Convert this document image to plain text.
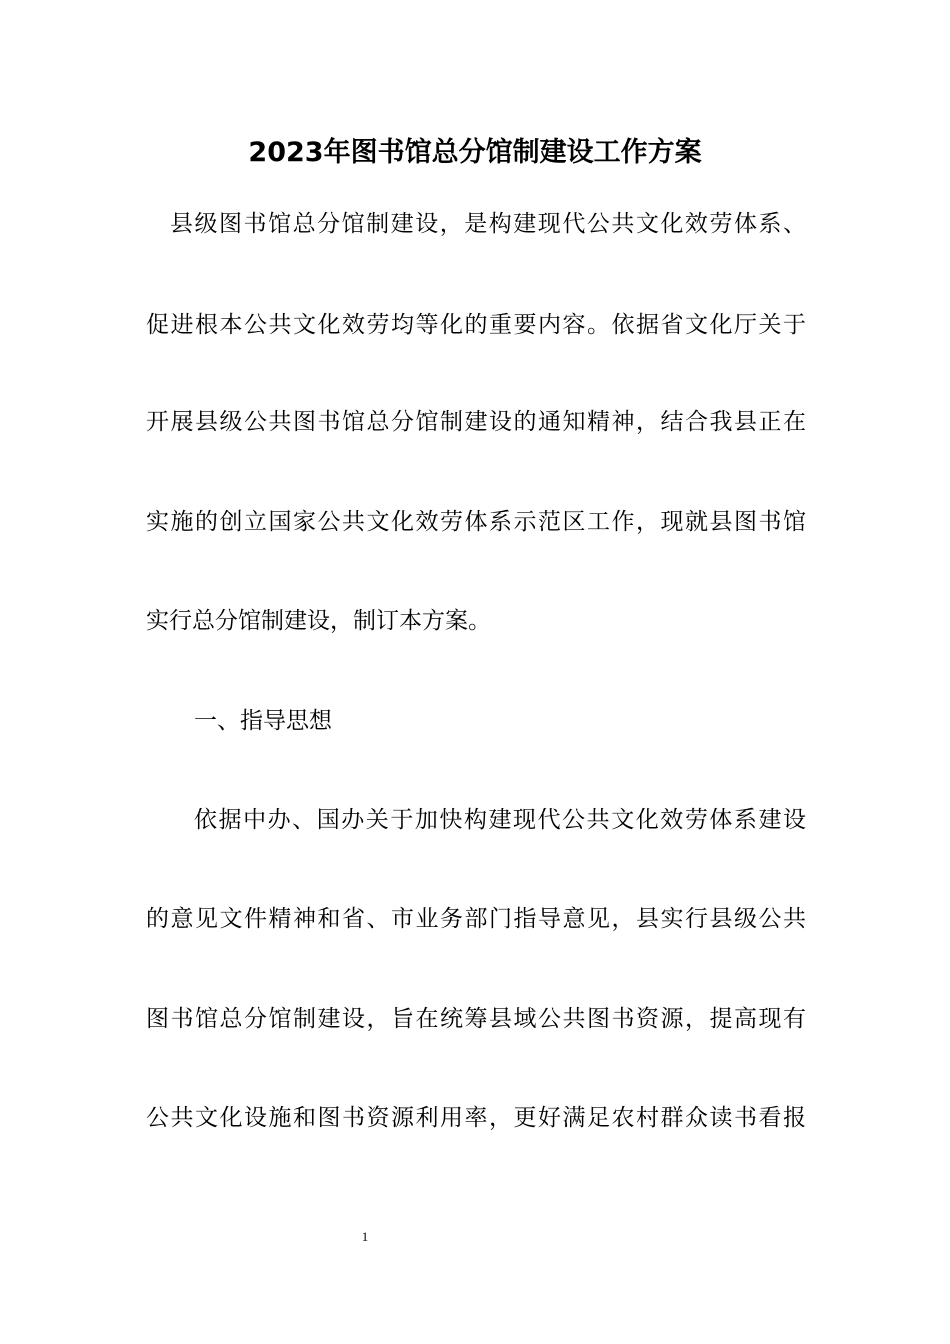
2023年图书馆总分馆制建设工作方案
县级图书馆总分馆制建设，是构建现代公共文化效劳体系、
促进根本公共文化效劳均等化的重要内容。依据省文化厅关于
开展县级公共图书馆总分馆制建设的通知精神，结合我县正在
实施的创立国家公共文化效劳体系示范区工作，现就县图书馆
实行总分馆制建设，制订本方案。
一、指导思想
依据中办、国办关于加快构建现代公共文化效劳体系建设
的意见文件精神和省、市业务部门指导意见，县实行县级公共
图书馆总分馆制建设，旨在统筹县域公共图书资源，提高现有
公共文化设施和图书资源利用率，更好满足农村群众读书看报
1
